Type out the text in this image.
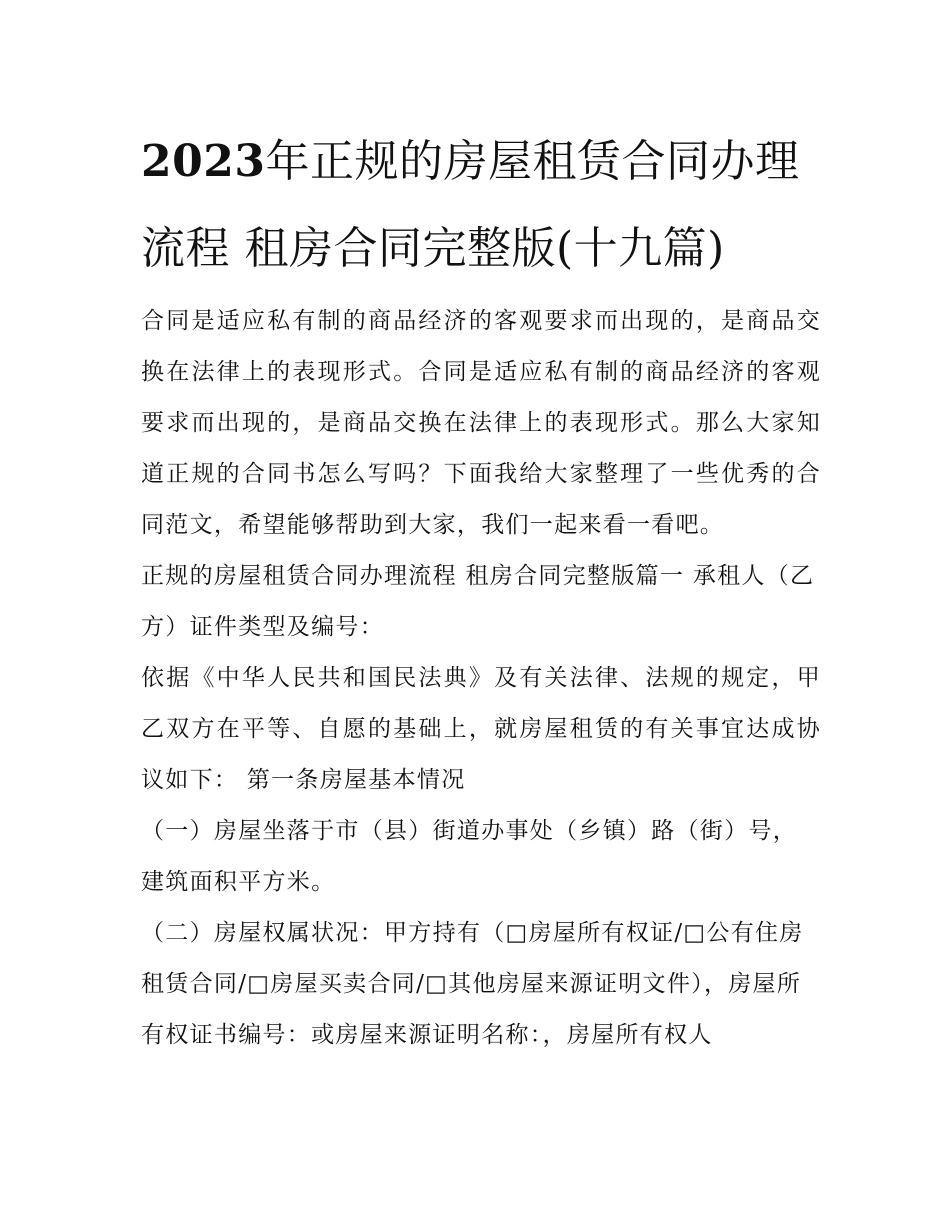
2023年正规的房屋租赁合同办理流程 租房合同完整版(十九篇)

合同是适应私有制的商品经济的客观要求而出现的，是商品交换在法律上的表现形式。合同是适应私有制的商品经济的客观要求而出现的，是商品交换在法律上的表现形式。那么大家知道正规的合同书怎么写吗？下面我给大家整理了一些优秀的合同范文，希望能够帮助到大家，我们一起来看一看吧。

正规的房屋租赁合同办理流程 租房合同完整版篇一 承租人（乙方）证件类型及编号：

依据《中华人民共和国民法典》及有关法律、法规的规定，甲乙双方在平等、自愿的基础上，就房屋租赁的有关事宜达成协议如下： 第一条房屋基本情况

（一）房屋坐落于市（县）街道办事处（乡镇）路（街）号，建筑面积平方米。

（二）房屋权属状况：甲方持有（□房屋所有权证/□公有住房租赁合同/□房屋买卖合同/□其他房屋来源证明文件），房屋所有权证书编号：或房屋来源证明名称：，房屋所有权人
